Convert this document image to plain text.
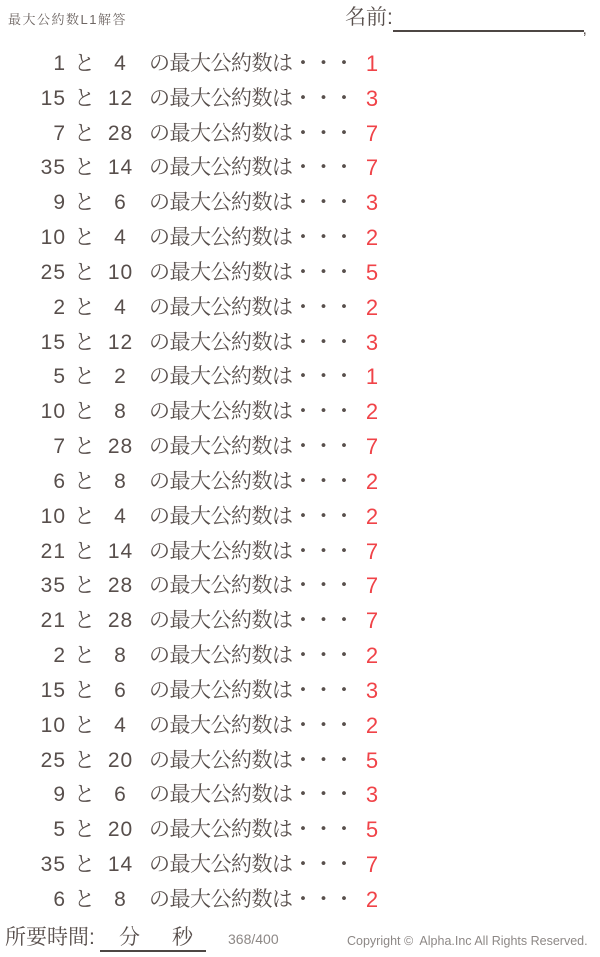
最大公約数L1解答	名前:
,
1 と 4	の最大公約数は・・・ 1
15 と 12 の最大公約数は・・・ 3
7 と 28 の最大公約数は・・・ 7
35 と 14 の最大公約数は・・・ 7
9 と 6	の最大公約数は・・・ 3
10 と 4	の最大公約数は・・・ 2
25 と 10 の最大公約数は・・・ 5
2 と 4	の最大公約数は・・・ 2
15 と 12 の最大公約数は・・・ 3
5 と 2	の最大公約数は・・・ 1
10 と 8	の最大公約数は・・・ 2
7 と 28 の最大公約数は・・・ 7
6 と 8	の最大公約数は・・・ 2
10 と 4	の最大公約数は・・・ 2
21 と 14 の最大公約数は・・・ 7
35 と 28 の最大公約数は・・・ 7
21 と 28 の最大公約数は・・・ 7
2 と 8	の最大公約数は・・・ 2
15 と 6	の最大公約数は・・・ 3
10 と 4	の最大公約数は・・・ 2
25 と 20 の最大公約数は・・・ 5
9 と 6	の最大公約数は・・・ 3
5 と 20 の最大公約数は・・・ 5
35 と 14 の最大公約数は・・・ 7
6 と 8	の最大公約数は・・・ 2
所要時間: 分 秒	368/400	Copyright ©  Alpha.Inc All Rights Reserved.
